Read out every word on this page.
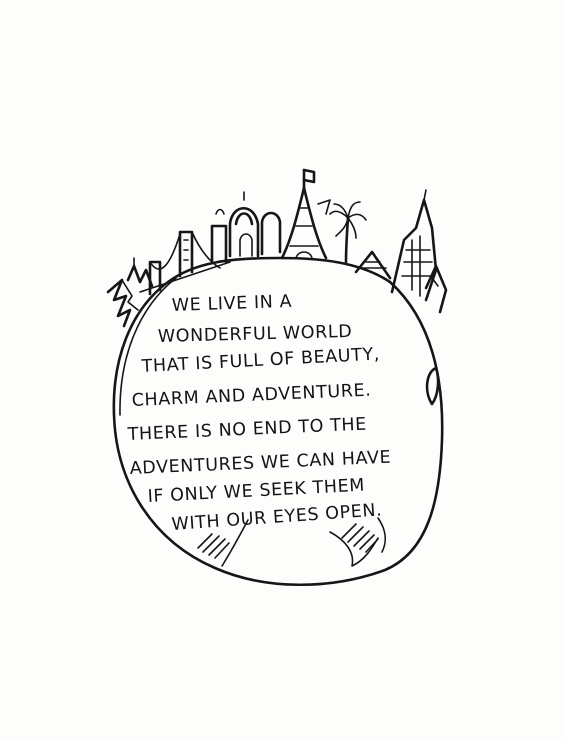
WE LIVE IN A
WONDERFUL WORLD
THAT IS FULL OF BEAUTY,
CHARM AND ADVENTURE.
THERE IS NO END TO THE
ADVENTURES WE CAN HAVE
IF ONLY WE SEEK THEM
WITH OUR EYES OPEN.
